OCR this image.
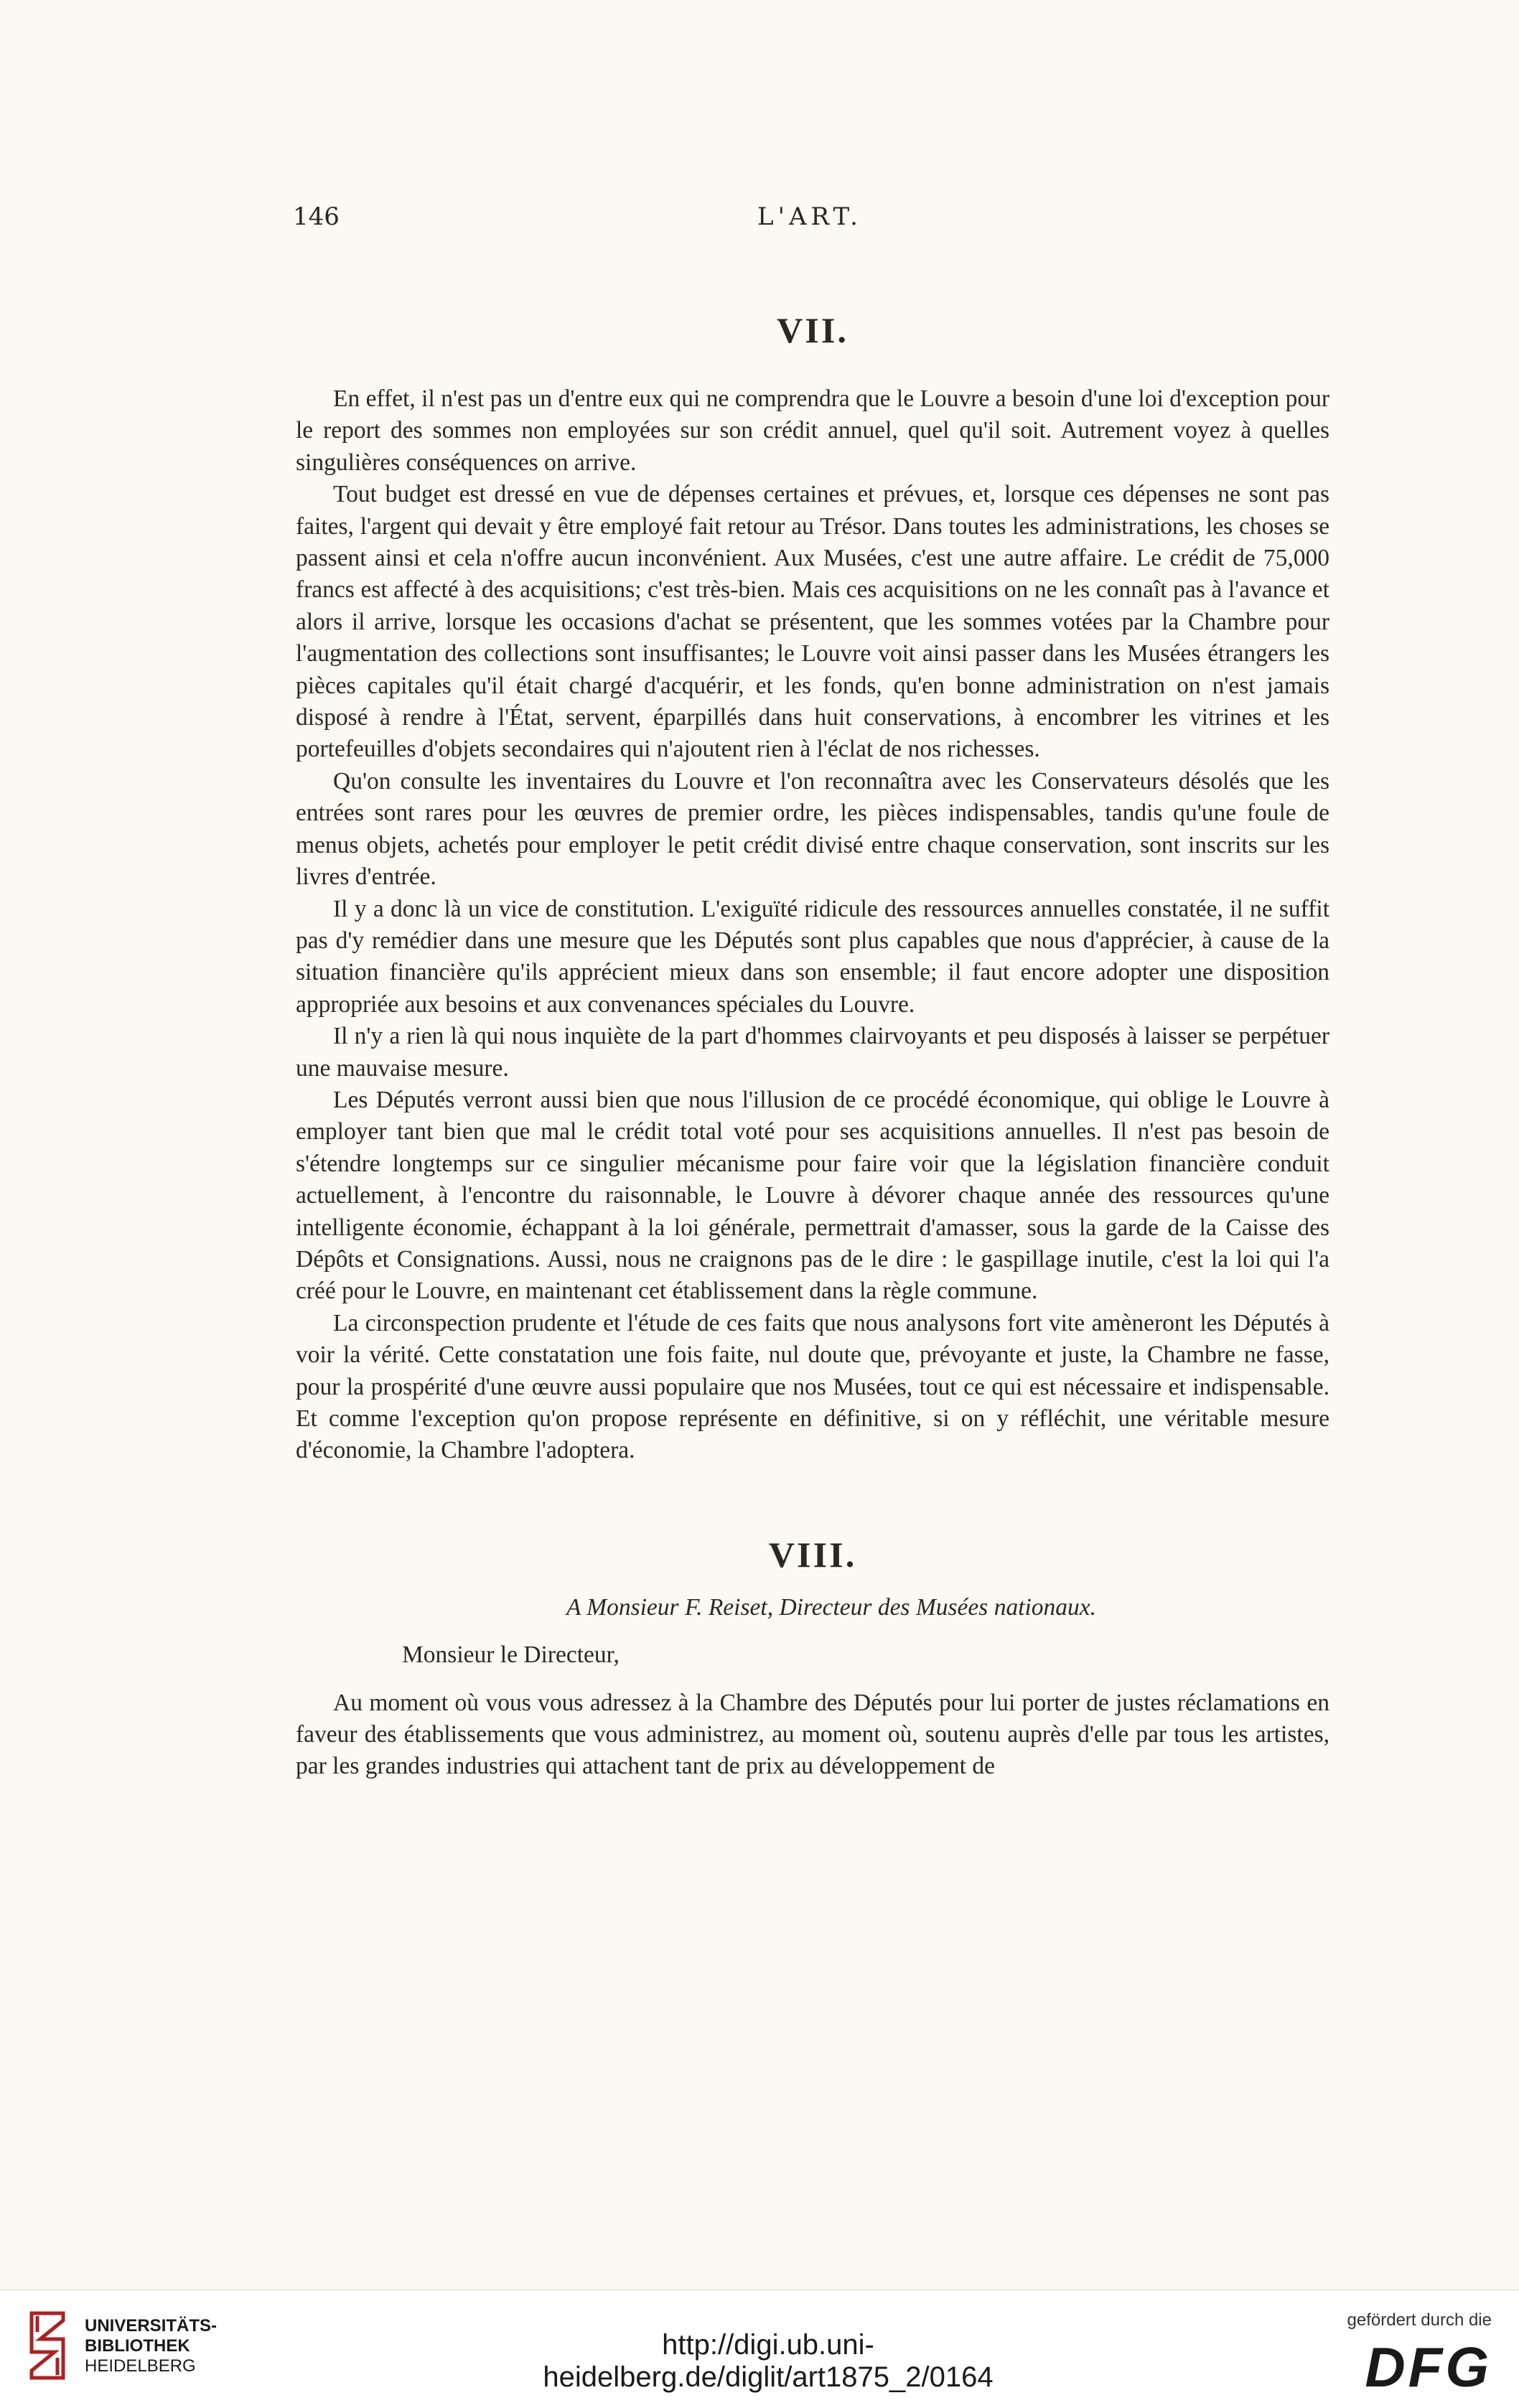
146	L'ART.
VII.

En effet, il n'est pas un d'entre eux qui ne comprendra que le Louvre a besoin d'une loi d'exception pour le report des sommes non employées sur son crédit annuel, quel qu'il soit. Autrement voyez à quelles singulières conséquences on arrive.

Tout budget est dressé en vue de dépenses certaines et prévues, et, lorsque ces dépenses ne sont pas faites, l'argent qui devait y être employé fait retour au Trésor. Dans toutes les administrations, les choses se passent ainsi et cela n'offre aucun inconvénient. Aux Musées, c'est une autre affaire. Le crédit de 75,000 francs est affecté à des acquisitions; c'est très-bien. Mais ces acquisitions on ne les connaît pas à l'avance et alors il arrive, lorsque les occasions d'achat se présentent, que les sommes votées par la Chambre pour l'augmentation des collections sont insuffisantes; le Louvre voit ainsi passer dans les Musées étrangers les pièces capitales qu'il était chargé d'acquérir, et les fonds, qu'en bonne administration on n'est jamais disposé à rendre à l'État, servent, éparpillés dans huit conservations, à encombrer les vitrines et les portefeuilles d'objets secondaires qui n'ajoutent rien à l'éclat de nos richesses.

Qu'on consulte les inventaires du Louvre et l'on reconnaîtra avec les Conservateurs désolés que les entrées sont rares pour les œuvres de premier ordre, les pièces indispensables, tandis qu'une foule de menus objets, achetés pour employer le petit crédit divisé entre chaque conservation, sont inscrits sur les livres d'entrée.

Il y a donc là un vice de constitution. L'exiguïté ridicule des ressources annuelles constatée, il ne suffit pas d'y remédier dans une mesure que les Députés sont plus capables que nous d'apprécier, à cause de la situation financière qu'ils apprécient mieux dans son ensemble; il faut encore adopter une disposition appropriée aux besoins et aux convenances spéciales du Louvre.

Il n'y a rien là qui nous inquiète de la part d'hommes clairvoyants et peu disposés à laisser se perpétuer une mauvaise mesure.

Les Députés verront aussi bien que nous l'illusion de ce procédé économique, qui oblige le Louvre à employer tant bien que mal le crédit total voté pour ses acquisitions annuelles. Il n'est pas besoin de s'étendre longtemps sur ce singulier mécanisme pour faire voir que la législation financière conduit actuellement, à l'encontre du raisonnable, le Louvre à dévorer chaque année des ressources qu'une intelligente économie, échappant à la loi générale, permettrait d'amasser, sous la garde de la Caisse des Dépôts et Consignations. Aussi, nous ne craignons pas de le dire : le gaspillage inutile, c'est la loi qui l'a créé pour le Louvre, en maintenant cet établissement dans la règle commune.

La circonspection prudente et l'étude de ces faits que nous analysons fort vite amèneront les Députés à voir la vérité. Cette constatation une fois faite, nul doute que, prévoyante et juste, la Chambre ne fasse, pour la prospérité d'une œuvre aussi populaire que nos Musées, tout ce qui est nécessaire et indispensable. Et comme l'exception qu'on propose représente en définitive, si on y réfléchit, une véritable mesure d'économie, la Chambre l'adoptera.

VIII.

A Monsieur F. Reiset, Directeur des Musées nationaux.

Monsieur le Directeur,

Au moment où vous vous adressez à la Chambre des Députés pour lui porter de justes réclamations en faveur des établissements que vous administrez, au moment où, soutenu auprès d'elle par tous les artistes, par les grandes industries qui attachent tant de prix au développement de

UNIVERSITÄTS-
BIBLIOTHEK
HEIDELBERG
http://digi.ub.uni-heidelberg.de/diglit/art1875_2/0164
gefördert durch die
DFG
